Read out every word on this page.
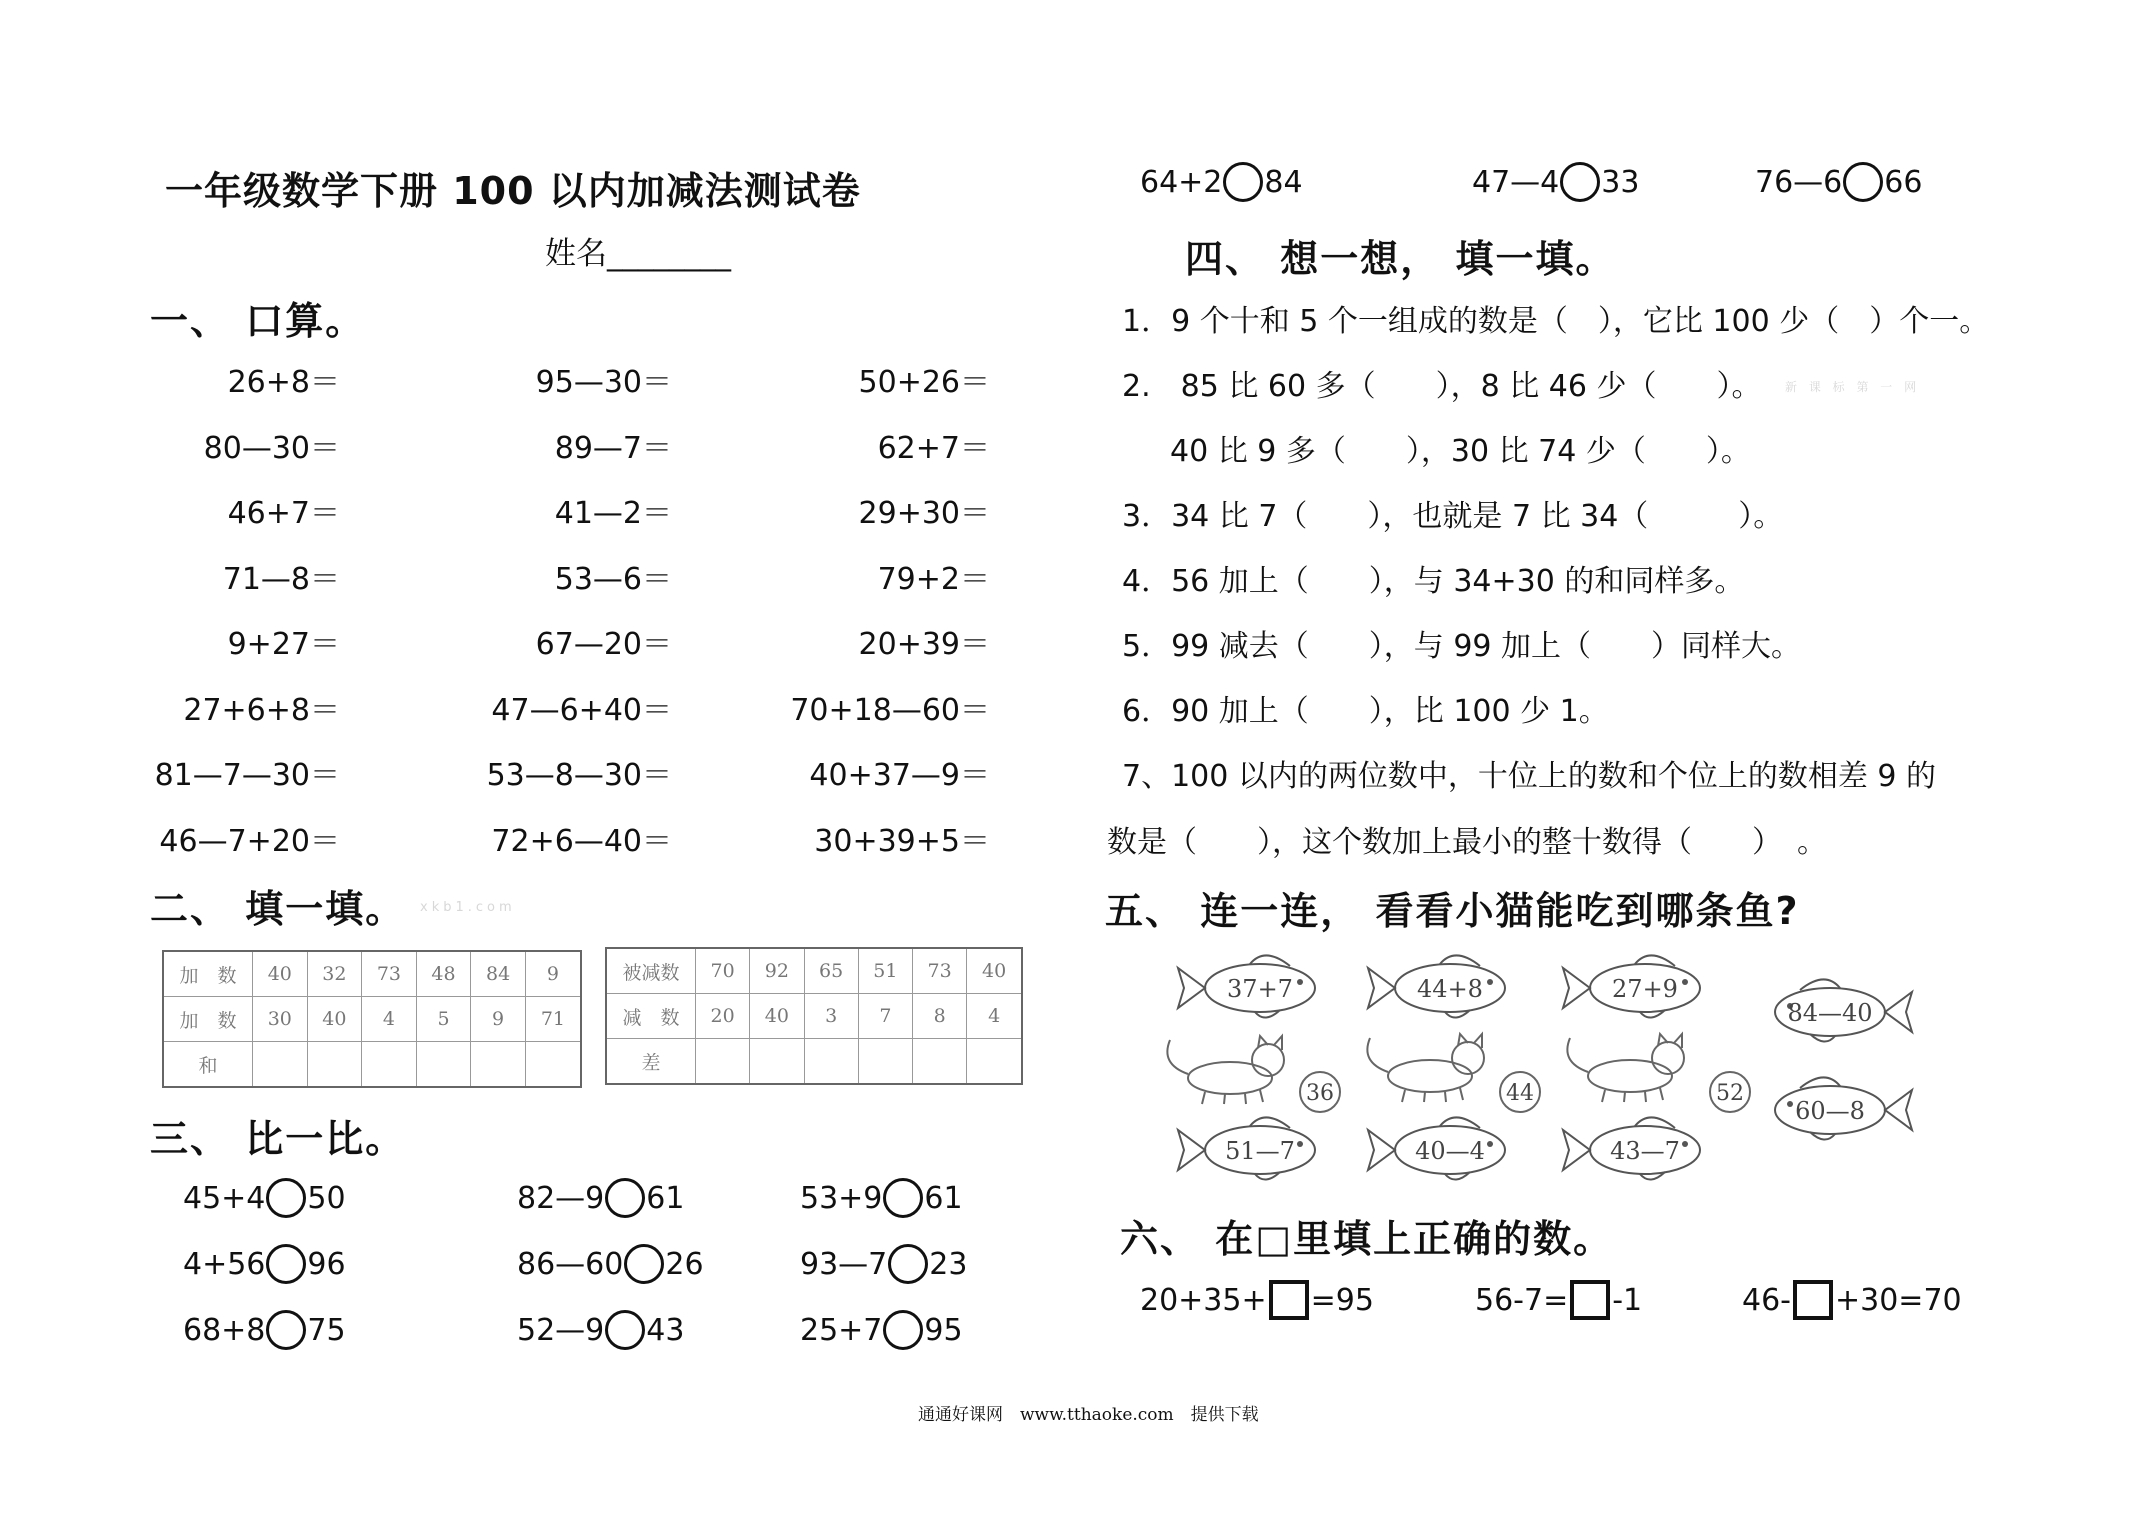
一年级数学下册 100 以内加减法测试卷
姓名________
一、 口算。
26+8＝	95—30＝	50+26＝
80—30＝	89—7＝	62+7＝
46+7＝	41—2＝	29+30＝
71—8＝	53—6＝	79+2＝
9+27＝	67—20＝	20+39＝
27+6+8＝	47—6+40＝	70+18—60＝
81—7—30＝	53—8—30＝	40+37—9＝
46—7+20＝	72+6—40＝	30+39+5＝
二、 填一填。 xkb1.com
加　数	40	32	73	48	84	9
加　数	30	40	4	5	9	71
和						
被减数	70	92	65	51	73	40
减　数	20	40	3	7	8	4
差						
三、 比一比。
45+4 50	82—9 61	53+9 61
4+56 96	86—60 26	93—7 23
68+8 75	52—9 43	25+7 95
64+2 84	47—4 33	76—6 66
四、 想一想， 填一填。
1．9 个十和 5 个一组成的数是（　），它比 100 少（　）个一。
2.　85 比 60 多（　　），8 比 46 少（　　）。
40 比 9 多（　　），30 比 74 少（　　）。
3．34 比 7（　　），也就是 7 比 34（　　　）。
4．56 加上（　　），与 34+30 的和同样多。
5．99 减去（　　），与 99 加上（　　）同样大。
6．90 加上（　　），比 100 少 1。
7、100 以内的两位数中，十位上的数和个位上的数相差 9 的
数是（　　），这个数加上最小的整十数得（　　）　。
新 课 标 第 一 网
五、 连一连， 看看小猫能吃到哪条鱼?
37+7	44+8	27+9
84—40
36	44	52
51—7	40—4	43—7
60—8
六、 在□里填上正确的数。
20+35+ =95	56-7= -1	46- +30=70
通通好课网　www.tthaoke.com　提供下载
